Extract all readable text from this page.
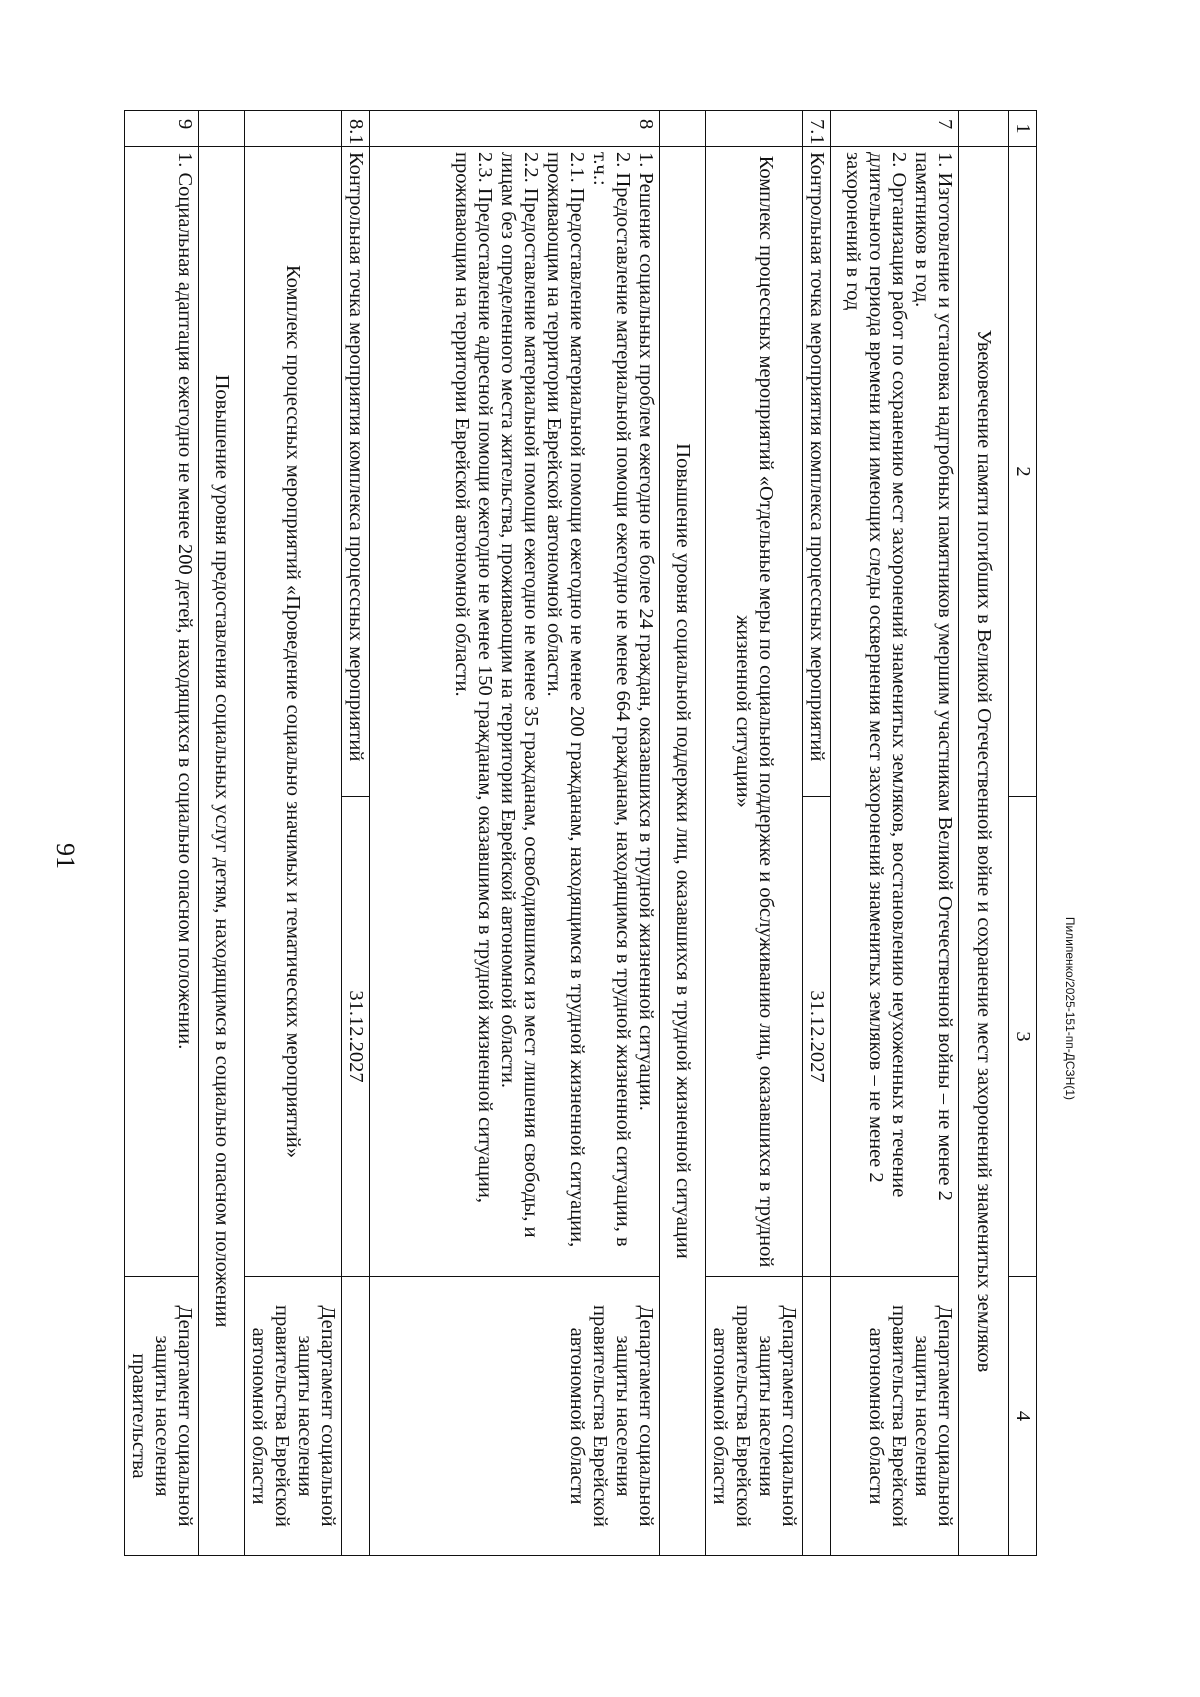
91
Пилипенко/2025-151-пп-ДСЗН(1)
1	2	3	4
	Увековечение памяти погибших в Великой Отечественной войне и сохранение мест захоронений знаменитых земляков		
7	1. Изготовление и установка надгробных памятников умершим участникам Великой Отечественной войны – не менее 2 памятников в год.
2. Организация работ по сохранению мест захоронений знаменитых земляков, восстановлению неухоженных в течение длительного периода времени или имеющих следы осквернения мест захоронений знаменитых земляков – не менее 2 захоронений в год		Департамент социальной защиты населения правительства Еврейской автономной области
7.1	Контрольная точка мероприятия комплекса процессных мероприятий	31.12.2027	
	Комплекс процессных мероприятий «Отдельные меры по социальной поддержке и обслуживанию лиц, оказавшихся в трудной жизненной ситуации»		Департамент социальной защиты населения правительства Еврейской автономной области
	Повышение уровня социальной поддержки лиц, оказавшихся в трудной жизненной ситуации		
8	1. Решение социальных проблем ежегодно не более 24 граждан, оказавшихся в трудной жизненной ситуации.
2. Предоставление материальной помощи ежегодно не менее 664 гражданам, находящимся в трудной жизненной ситуации, в т.ч.:
2.1. Предоставление материальной помощи ежегодно не менее 200 гражданам, находящимся в трудной жизненной ситуации, проживающим на территории Еврейской автономной области.
2.2. Предоставление материальной помощи ежегодно не менее 35 гражданам, освободившимся из мест лишения свободы, и лицам без определенного места жительства, проживающим на территории Еврейской автономной области.
2.3. Предоставление адресной помощи ежегодно не менее 150 гражданам, оказавшимся в трудной жизненной ситуации, проживающим на территории Еврейской автономной области.		Департамент социальной защиты населения правительства Еврейской автономной области
8.1	Контрольная точка мероприятия комплекса процессных мероприятий	31.12.2027	
	Комплекс процессных мероприятий «Проведение социально значимых и тематических мероприятий»		Департамент социальной защиты населения правительства Еврейской автономной области
	Повышение уровня предоставления социальных услуг детям, находящимся в социально опасном положении		
9	1. Социальная адаптация ежегодно не менее 200 детей, находящихся в социально опасном положении.		Департамент социальной защиты населения правительства
